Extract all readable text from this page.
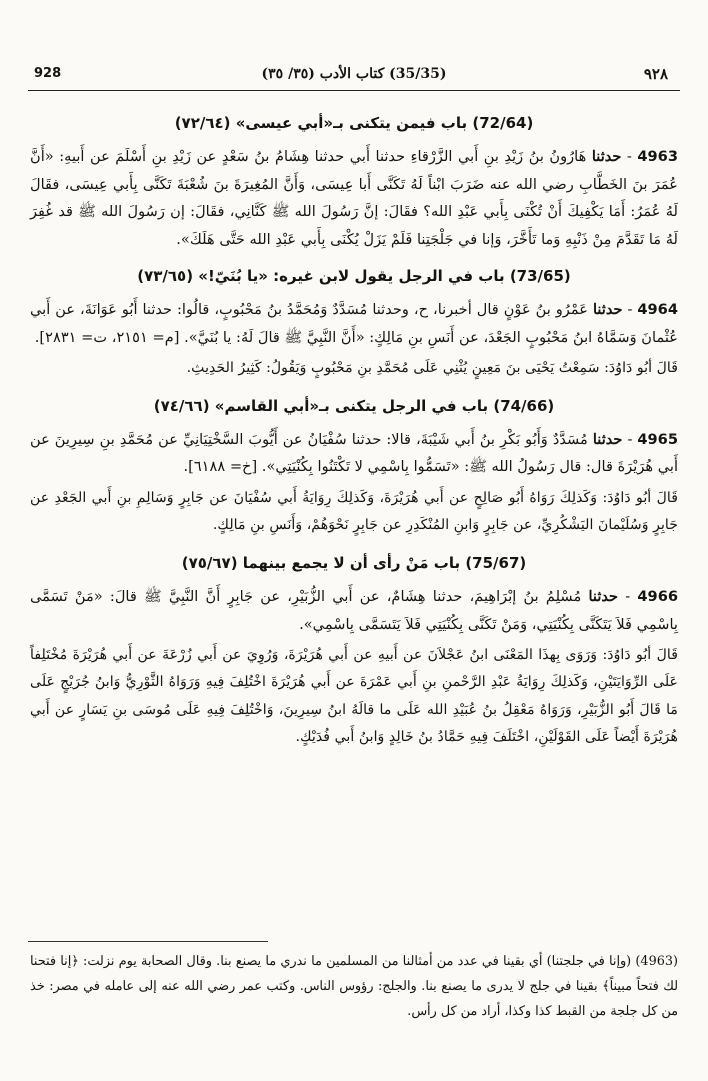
928	(35/35) كتاب الأدب (٣٥/ ٣٥)	٩٢٨
(72/64) باب فيمن يتكنى بـ«أبي عيسى» (٧٢/٦٤)

4963 - حدثنا هَارُونُ بنُ زَيْدِ بنِ أَبي الزَّرْقاءِ حدثنا أَبي حدثنا هِشَامُ بنُ سَعْدٍ عن زَيْدِ بنِ أَسْلَمَ عن أَبيهِ: «أَنَّ عُمَرَ بنَ الخَطَّابِ رضي الله عنه ضَرَبَ ابْناً لَهُ تَكَنَّى أَبا عِيسَى، وَأَنَّ المُغِيرَةَ بنَ شُعْبَةَ تَكَنَّى بِأَبي عِيسَى، فقَالَ لَهُ عُمَرُ: أَمَا يَكْفِيكَ أَنْ تُكْنَى بِأَبي عَبْدِ الله؟ فقَالَ: إنَّ رَسُولَ الله ﷺ كَنَّانِي، فقَالَ: إن رَسُولَ الله ﷺ قد غُفِرَ لَهُ مَا تَقَدَّمَ مِنْ ذَنْبِهِ وَما تَأَخَّرَ، وَإنا في جَلْجَتِنا فَلَمْ يَزَلْ يُكْنَى بِأَبي عَبْدِ الله حَتَّى هَلَكَ».

(73/65) باب في الرجل يقول لابن غيره: «يا بُنَيّ!» (٧٣/٦٥)

4964 - حدثنا عَمْرُو بنُ عَوْنٍ قال أخبرنا، ح، وحدثنا مُسَدَّدٌ وَمُحَمَّدُ بنُ مَحْبُوبٍ، قالُوا: حدثنا أَبُو عَوَانَةَ، عن أَبي عُثْمانَ وَسَمَّاهُ ابنُ مَحْبُوبٍ الجَعْدَ، عن أَنَسِ بنِ مَالِكٍ: «أَنَّ النَّبِيَّ ﷺ قالَ لَهُ: يا بُنَيَّ». [م= ٢١٥١، ت= ٢٨٣١].

قَالَ أبُو دَاوُدَ: سَمِعْتُ يَحْيَى بنَ مَعِينٍ يُثْنِي عَلَى مُحَمَّدِ بنِ مَحْبُوبٍ وَيَقُولُ: كَثِيرُ الحَدِيثِ.

(74/66) باب في الرجل يتكنى بـ«أبي القاسم» (٧٤/٦٦)

4965 - حدثنا مُسَدَّدٌ وَأَبُو بَكْرِ بنُ أَبي شَيْبَةَ، قالا: حدثنا سُفْيَانُ عن أَيُّوبَ السَّخْتِيَانِيِّ عن مُحَمَّدِ بنِ سِيرِينَ عن أَبي هُرَيْرَةَ قال: قال رَسُولُ الله ﷺ: «تَسَمُّوا بِاسْمِي لا تَكْتَنُوا بِكُنْيَتِي». [خ= ٦١٨٨].

قَالَ أبُو دَاوُدَ: وَكَذلِكَ رَوَاهُ أَبُو صَالِحٍ عن أَبي هُرَيْرَةَ، وَكَذلِكَ رِوَايَةُ أَبي سُفْيَانَ عن جَابِرٍ وَسَالِمِ بنِ أَبي الجَعْدِ عن جَابِرٍ وَسُلَيْمانَ اليَشْكُرِيِّ، عن جَابِرٍ وَابنِ المُنْكَدِرِ عن جَابِرٍ نَحْوَهُمْ، وَأَنَسِ بنِ مَالِكٍ.

(75/67) باب مَنْ رأى أن لا يجمع بينهما (٧٥/٦٧)

4966 - حدثنا مُسْلِمُ بنُ إبْرَاهِيمَ، حدثنا هِشَامٌ، عن أَبي الزُّبَيْرِ، عن جَابِرٍ أَنَّ النَّبِيَّ ﷺ قالَ: «مَنْ تَسَمَّى بِاسْمِي فَلاَ يَتَكَنَّى بِكُنْيَتِي، وَمَنْ تَكَنَّى بِكُنْيَتِي فَلاَ يَتَسَمَّى بِاسْمِي».

قَالَ أبُو دَاوُدَ: وَرَوَى بِهذَا المَعْنَى ابنُ عَجْلاَنَ عن أَبيهِ عن أَبي هُرَيْرَةَ، وَرُوِيَ عن أَبي زُرْعَةَ عن أَبي هُرَيْرَةَ مُخْتَلِفاً عَلَى الرِّوَايَتَيْنِ، وَكَذلِكَ رِوَايَةُ عَبْدِ الرَّحْمنِ بنِ أَبي عَمْرَةَ عن أَبي هُرَيْرَةَ اخْتُلِفَ فِيهِ وَرَوَاهُ الثَّوْرِيُّ وَابنُ جُرَيْجٍ عَلَى مَا قَالَ أَبُو الزُّبَيْرِ، وَرَوَاهُ مَعْقِلُ بنُ عُبَيْدِ الله عَلَى ما قالَهُ ابنُ سِيرِينَ، وَاخْتُلِفَ فِيهِ عَلَى مُوسَى بنِ يَسَارٍ عن أَبي هُرَيْرَةَ أَيْضاً عَلَى القَوْلَيْنِ، اخْتَلَفَ فِيهِ حَمَّادُ بنُ خَالِدٍ وَابنُ أَبي فُدَيْكٍ.

(4963) (وإنا في جلجتنا) أي بقينا في عدد من أمثالنا من المسلمين ما ندري ما يصنع بنا. وقال الصحابة يوم نزلت: ﴿إنا فتحنا لك فتحاً مبيناً﴾ بقينا في جلج لا يدرى ما يصنع بنا. والجلج: رؤوس الناس. وكتب عمر رضي الله عنه إلى عامله في مصر: خذ من كل جلجة من القبط كذا وكذا، أراد من كل رأس.
